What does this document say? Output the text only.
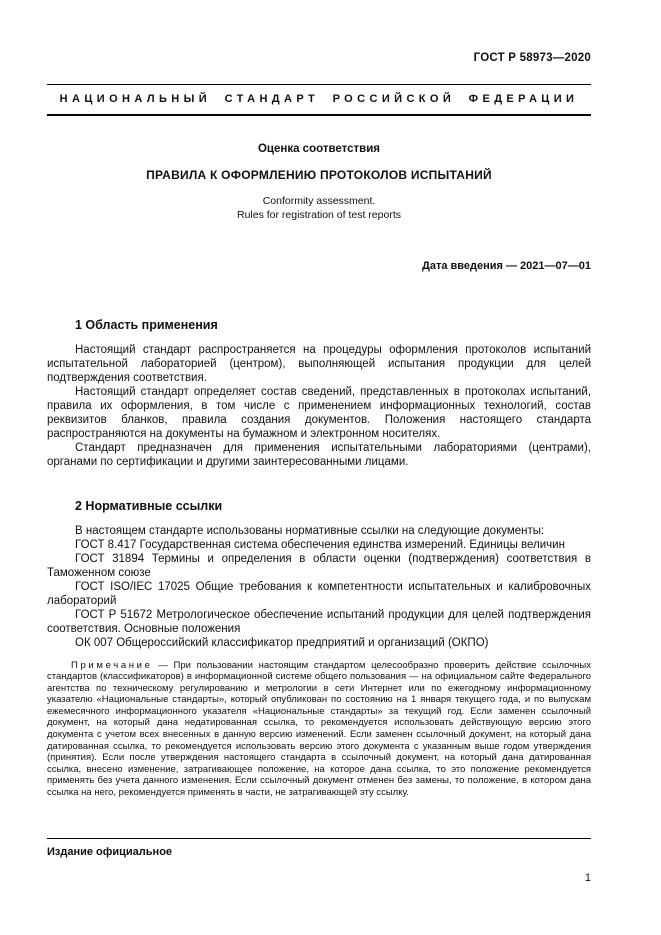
ГОСТ Р 58973—2020
НАЦИОНАЛЬНЫЙ СТАНДАРТ РОССИЙСКОЙ ФЕДЕРАЦИИ
Оценка соответствия
ПРАВИЛА К ОФОРМЛЕНИЮ ПРОТОКОЛОВ ИСПЫТАНИЙ
Conformity assessment.
Rules for registration of test reports
Дата введения — 2021—07—01
1 Область применения

Настоящий стандарт распространяется на процедуры оформления протоколов испытаний испытательной лабораторией (центром), выполняющей испытания продукции для целей подтверждения соответствия.

Настоящий стандарт определяет состав сведений, представленных в протоколах испытаний, правила их оформления, в том числе с применением информационных технологий, состав реквизитов бланков, правила создания документов. Положения настоящего стандарта распространяются на документы на бумажном и электронном носителях.

Стандарт предназначен для применения испытательными лабораториями (центрами), органами по сертификации и другими заинтересованными лицами.

2 Нормативные ссылки

В настоящем стандарте использованы нормативные ссылки на следующие документы:

ГОСТ 8.417 Государственная система обеспечения единства измерений. Единицы величин

ГОСТ 31894 Термины и определения в области оценки (подтверждения) соответствия в Таможенном союзе

ГОСТ ISO/IEC 17025 Общие требования к компетентности испытательных и калибровочных лабораторий

ГОСТ Р 51672 Метрологическое обеспечение испытаний продукции для целей подтверждения соответствия. Основные положения

ОК 007 Общероссийский классификатор предприятий и организаций (ОКПО)

Примечание — При пользовании настоящим стандартом целесообразно проверить действие ссылочных стандартов (классификаторов) в информационной системе общего пользования — на официальном сайте Федерального агентства по техническому регулированию и метрологии в сети Интернет или по ежегодному информационному указателю «Национальные стандарты», который опубликован по состоянию на 1 января текущего года, и по выпускам ежемесячного информационного указателя «Национальные стандарты» за текущий год. Если заменен ссылочный документ, на который дана недатированная ссылка, то рекомендуется использовать действующую версию этого документа с учетом всех внесенных в данную версию изменений. Если заменен ссылочный документ, на который дана датированная ссылка, то рекомендуется использовать версию этого документа с указанным выше годом утверждения (принятия). Если после утверждения настоящего стандарта в ссылочный документ, на который дана датированная ссылка, внесено изменение, затрагивающее положение, на которое дана ссылка, то это положение рекомендуется применять без учета данного изменения. Если ссылочный документ отменен без замены, то положение, в котором дана ссылка на него, рекомендуется применять в части, не затрагивающей эту ссылку.

Издание официальное
1
